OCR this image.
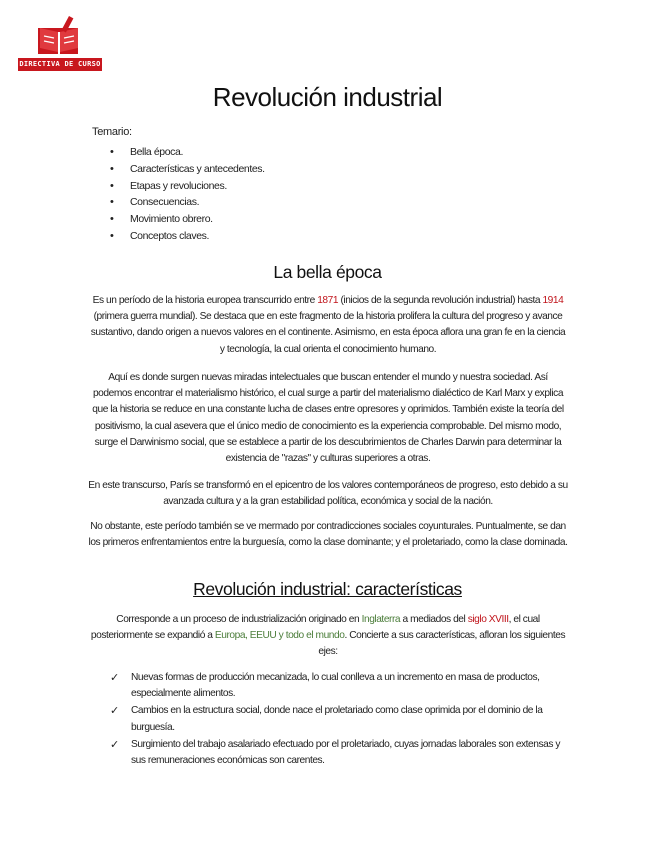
DIRECTIVA DE CURSO
Revolución industrial
Temario:
• Bella época.
• Características y antecedentes.
• Etapas y revoluciones.
• Consecuencias.
• Movimiento obrero.
• Conceptos claves.
La bella época

Es un período de la historia europea transcurrido entre 1871 (inicios de la segunda revolución industrial) hasta 1914 (primera guerra mundial). Se destaca que en este fragmento de la historia prolifera la cultura del progreso y avance sustantivo, dando origen a nuevos valores en el continente. Asimismo, en esta época aflora una gran fe en la ciencia y tecnología, la cual orienta el conocimiento humano.

Aquí es donde surgen nuevas miradas intelectuales que buscan entender el mundo y nuestra sociedad. Así podemos encontrar el materialismo histórico, el cual surge a partir del materialismo dialéctico de Karl Marx y explica que la historia se reduce en una constante lucha de clases entre opresores y oprimidos. También existe la teoría del positivismo, la cual asevera que el único medio de conocimiento es la experiencia comprobable. Del mismo modo, surge el Darwinismo social, que se establece a partir de los descubrimientos de Charles Darwin para determinar la existencia de "razas" y culturas superiores a otras.

En este transcurso, París se transformó en el epicentro de los valores contemporáneos de progreso, esto debido a su avanzada cultura y a la gran estabilidad política, económica y social de la nación.

No obstante, este período también se ve mermado por contradicciones sociales coyunturales. Puntualmente, se dan los primeros enfrentamientos entre la burguesía, como la clase dominante; y el proletariado, como la clase dominada.

Revolución industrial: características

Corresponde a un proceso de industrialización originado en Inglaterra a mediados del siglo XVIII, el cual posteriormente se expandió a Europa, EEUU y todo el mundo. Concierte a sus características, afloran los siguientes ejes:

✓ Nuevas formas de producción mecanizada, lo cual conlleva a un incremento en masa de productos, especialmente alimentos.
✓ Cambios en la estructura social, donde nace el proletariado como clase oprimida por el dominio de la burguesía.
✓ Surgimiento del trabajo asalariado efectuado por el proletariado, cuyas jornadas laborales son extensas y sus remuneraciones económicas son carentes.
